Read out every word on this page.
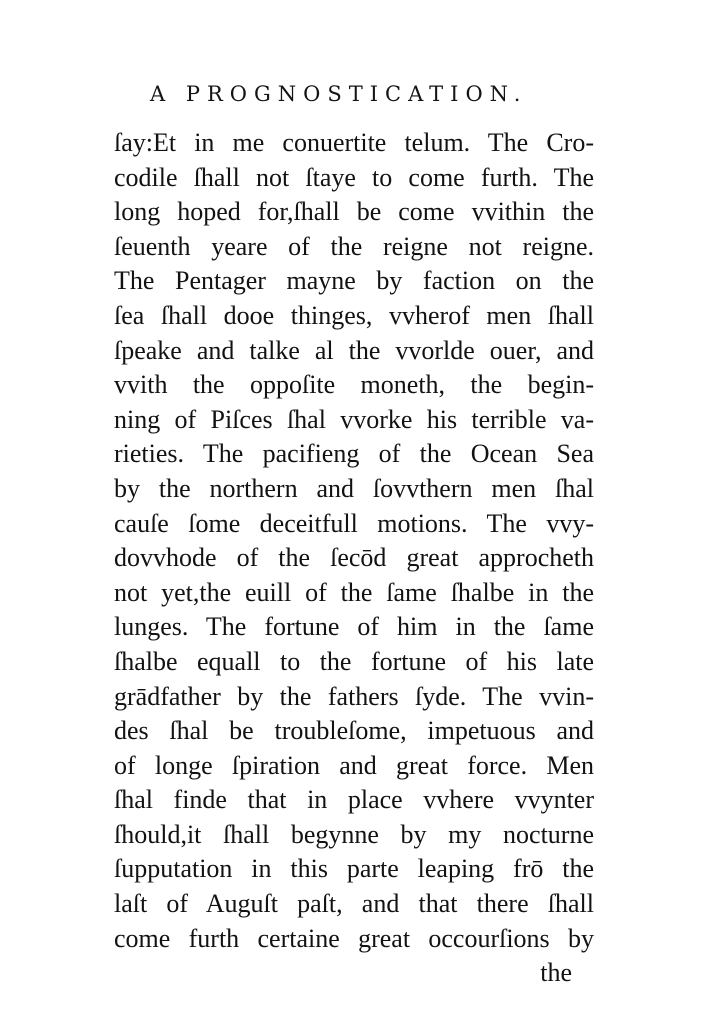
A PROGNOSTICATION.
ſay:Et in me conuertite telum. The Cro-
codile ſhall not ſtaye to come furth. The
long hoped for,ſhall be come vvithin the
ſeuenth yeare of the reigne not reigne.
The Pentager mayne by faction on the
ſea ſhall dooe thinges, vvherof men ſhall
ſpeake and talke al the vvorlde ouer, and
vvith the oppoſite moneth, the begin-
ning of Piſces ſhal vvorke his terrible va-
rieties. The pacifieng of the Ocean Sea
by the northern and ſovvthern men ſhal
cauſe ſome deceitfull motions. The vvy-
dovvhode of the ſecōd great approcheth
not yet,the euill of the ſame ſhalbe in the
lunges. The fortune of him in the ſame
ſhalbe equall to the fortune of his late
grādfather by the fathers ſyde. The vvin-
des ſhal be troubleſome, impetuous and
of longe ſpiration and great force. Men
ſhal finde that in place vvhere vvynter
ſhould,it ſhall begynne by my nocturne
ſupputation in this parte leaping frō the
laſt of Auguſt paſt, and that there ſhall
come furth certaine great occourſions by
the
